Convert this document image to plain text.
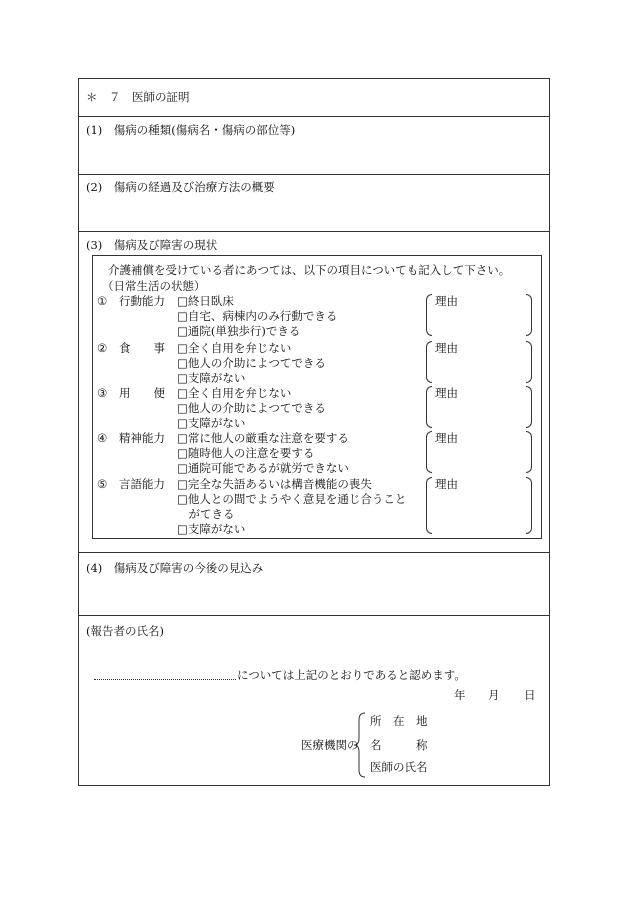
＊　７　医師の証明
(1)　傷病の種類(傷病名・傷病の部位等)
(2)　傷病の経過及び治療方法の概要
(3)　傷病及び障害の現状
介護補償を受けている者にあつては、以下の項目についても記入して下さい。
（日常生活の状態）
① 行動能力 □終日臥床
□自宅、病棟内のみ行動できる
□通院(単独歩行)できる
理由
② 食　　事 □全く自用を弁じない
□他人の介助によつてできる
□支障がない
理由
③ 用　　便 □全く自用を弁じない
□他人の介助によつてできる
□支障がない
理由
④ 精神能力 □常に他人の厳重な注意を要する
□随時他人の注意を要する
□通院可能であるが就労できない
理由
⑤ 言語能力 □完全な失語あるいは構音機能の喪失
□他人との間でようやく意見を通じ合うこと
　がてきる
□支障がない
理由
(4)　傷病及び障害の今後の見込み
(報告者の氏名)
については上記のとおりであると認めます。
年 月 日
医療機関の
所　在　地
名　　　称
医師の氏名
